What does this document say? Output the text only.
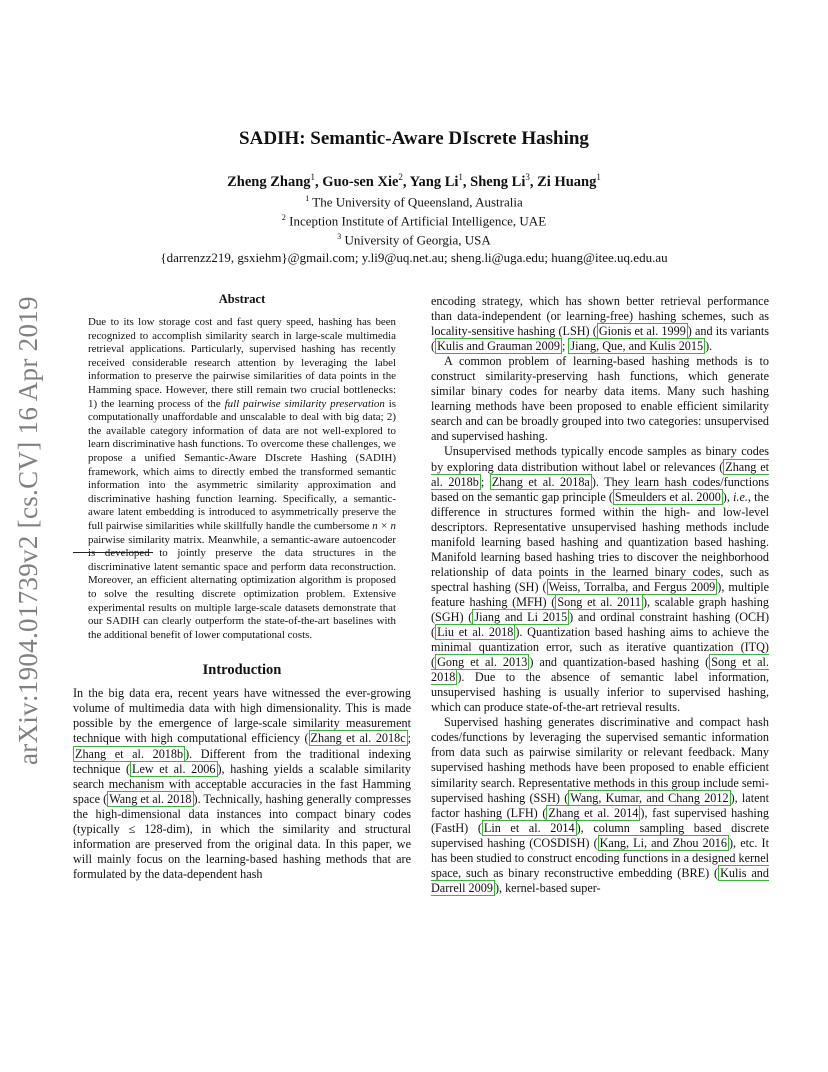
arXiv:1904.01739v2 [cs.CV] 16 Apr 2019
SADIH: Semantic-Aware DIscrete Hashing
Zheng Zhang$^1$, Guo-sen Xie$^2$, Yang Li$^1$, Sheng Li$^3$, Zi Huang$^1$
$^1$ The University of Queensland, Australia
$^2$ Inception Institute of Artificial Intelligence, UAE
$^3$ University of Georgia, USA
{darrenzz219, gsxiehm}@gmail.com; y.li9@uq.net.au; sheng.li@uga.edu; huang@itee.uq.edu.au
Abstract

Due to its low storage cost and fast query speed, hashing has been recognized to accomplish similarity search in large-scale multimedia retrieval applications. Particularly, supervised hashing has recently received considerable research attention by leveraging the label information to preserve the pairwise similarities of data points in the Hamming space. However, there still remain two crucial bottlenecks: 1) the learning process of the full pairwise similarity preservation is computationally unaffordable and unscalable to deal with big data; 2) the available category information of data are not well-explored to learn discriminative hash functions. To overcome these challenges, we propose a unified Semantic-Aware DIscrete Hashing (SADIH) framework, which aims to directly embed the transformed semantic information into the asymmetric similarity approximation and discriminative hashing function learning. Specifically, a semantic-aware latent embedding is introduced to asymmetrically preserve the full pairwise similarities while skillfully handle the cumbersome n × n pairwise similarity matrix. Meanwhile, a semantic-aware autoencoder is developed to jointly preserve the data structures in the discriminative latent semantic space and perform data reconstruction. Moreover, an efficient alternating optimization algorithm is proposed to solve the resulting discrete optimization problem. Extensive experimental results on multiple large-scale datasets demonstrate that our SADIH can clearly outperform the state-of-the-art baselines with the additional benefit of lower computational costs.

Introduction

In the big data era, recent years have witnessed the ever-growing volume of multimedia data with high dimensionality. This is made possible by the emergence of large-scale similarity measurement technique with high computational efficiency ( Zhang et al. 2018c ; Zhang et al. 2018b ). Different from the traditional indexing technique ( Lew et al. 2006 ), hashing yields a scalable similarity search mechanism with acceptable accuracies in the fast Hamming space ( Wang et al. 2018 ). Technically, hashing generally compresses the high-dimensional data instances into compact binary codes (typically ≤ 128-dim), in which the similarity and structural information are preserved from the original data. In this paper, we will mainly focus on the learning-based hashing methods that are formulated by the data-dependent hash

encoding strategy, which has shown better retrieval performance than data-independent (or learning-free) hashing schemes, such as locality-sensitive hashing (LSH) ( Gionis et al. 1999 ) and its variants ( Kulis and Grauman 2009 ; Jiang, Que, and Kulis 2015 ).

A common problem of learning-based hashing methods is to construct similarity-preserving hash functions, which generate similar binary codes for nearby data items. Many such hashing learning methods have been proposed to enable efficient similarity search and can be broadly grouped into two categories: unsupervised and supervised hashing.

Unsupervised methods typically encode samples as binary codes by exploring data distribution without label or relevances ( Zhang et al. 2018b ; Zhang et al. 2018a ). They learn hash codes/functions based on the semantic gap principle ( Smeulders et al. 2000 ), i.e., the difference in structures formed within the high- and low-level descriptors. Representative unsupervised hashing methods include manifold learning based hashing and quantization based hashing. Manifold learning based hashing tries to discover the neighborhood relationship of data points in the learned binary codes, such as spectral hashing (SH) ( Weiss, Torralba, and Fergus 2009 ), multiple feature hashing (MFH) ( Song et al. 2011 ), scalable graph hashing (SGH) ( Jiang and Li 2015 ) and ordinal constraint hashing (OCH) ( Liu et al. 2018 ). Quantization based hashing aims to achieve the minimal quantization error, such as iterative quantization (ITQ) ( Gong et al. 2013 ) and quantization-based hashing ( Song et al. 2018 ). Due to the absence of semantic label information, unsupervised hashing is usually inferior to supervised hashing, which can produce state-of-the-art retrieval results.

Supervised hashing generates discriminative and compact hash codes/functions by leveraging the supervised semantic information from data such as pairwise similarity or relevant feedback. Many supervised hashing methods have been proposed to enable efficient similarity search. Representative methods in this group include semi-supervised hashing (SSH) ( Wang, Kumar, and Chang 2012 ), latent factor hashing (LFH) ( Zhang et al. 2014 ), fast supervised hashing (FastH) ( Lin et al. 2014 ), column sampling based discrete supervised hashing (COSDISH) ( Kang, Li, and Zhou 2016 ), etc. It has been studied to construct encoding functions in a designed kernel space, such as binary reconstructive embedding (BRE) ( Kulis and Darrell 2009 ), kernel-based super-
